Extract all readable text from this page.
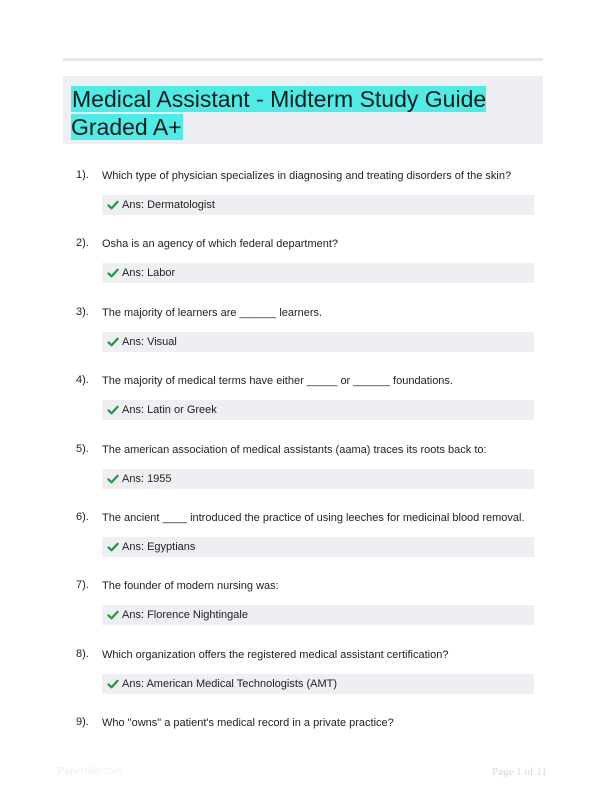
Medical Assistant - Midterm Study Guide Graded A+
1). Which type of physician specializes in diagnosing and treating disorders of the skin?
Ans: Dermatologist
2). Osha is an agency of which federal department?
Ans: Labor
3). The majority of learners are ______ learners.
Ans: Visual
4). The majority of medical terms have either _____ or ______ foundations.
Ans: Latin or Greek
5). The american association of medical assistants (aama) traces its roots back to:
Ans: 1955
6). The ancient ____ introduced the practice of using leeches for medicinal blood removal.
Ans: Egyptians
7). The founder of modern nursing was:
Ans: Florence Nightingale
8). Which organization offers the registered medical assistant certification?
Ans: American Medical Technologists (AMT)
9). Who "owns" a patient's medical record in a private practice?
Papertitle.com	Page 1 of 11
